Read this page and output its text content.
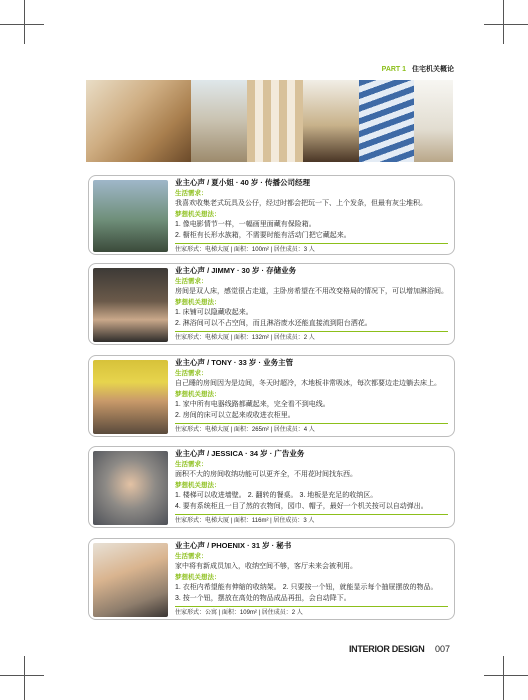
PART 1 住宅机关概论
业主心声 / 夏小姐 · 40 岁 · 传播公司经理
生活需求：
我喜欢收集老式玩具及公仔，经过时都会把玩一下、上个发条，但最有灰尘堆积。
梦想机关想法：
1. 像电影情节一样，一幅画里面藏有保险箱。
2. 橱柜有长形水族箱，不需要时能有活动门把它藏起来。
住家形式：电梯大厦 | 面积：100m² | 居住成员：3 人
业主心声 / JIMMY · 30 岁 · 存储业务
生活需求：
房间是双人床，感觉很占走道，主卧房希望在不用改变格局的情况下，可以增加淋浴间。
梦想机关想法：
1. 床铺可以隐藏收起来。
2. 淋浴间可以不占空间，而且淋浴废水还能直接流到阳台洒花。
住家形式：电梯大厦 | 面积：132m² | 居住成员：2 人
业主心声 / TONY · 33 岁 · 业务主管
生活需求：
自己睡的房间因为是边间，冬天时超冷，木地板非常吸冰，每次都要边走边躺去床上。
梦想机关想法：
1. 家中所有电器线路都藏起来，完全看不到电线。
2. 房间的床可以立起来或收进衣柜里。
住家形式：电梯大厦 | 面积：265m² | 居住成员：4 人
业主心声 / JESSICA · 34 岁 · 广告业务
生活需求：
面积不大的房间收纳功能可以更齐全，不用花时间找东西。
梦想机关想法：
1. 楼梯可以收进墙壁。 2. 翻转的餐桌。 3. 地板是充足的收纳区。
4. 要有系统柜且一目了然的衣物间，园巾、帽子，最好一个机关按可以自动弹出。
住家形式：电梯大厦 | 面积：116m² | 居住成员：3 人
业主心声 / PHOENIX · 31 岁 · 秘书
生活需求：
家中将有新成员加入，收纳空间不够，客厅未来会被利用。
梦想机关想法：
1. 衣柜内希望能有伸缩的收纳架。 2. 只要按一个钮，就能显示每个抽屉摆放的物品。
3. 按一个钮，摆放在高处的物品成品再扭，会自动降下。
住家形式：公寓 | 面积：109m² | 居住成员：2 人
INTERIOR DESIGN 007
